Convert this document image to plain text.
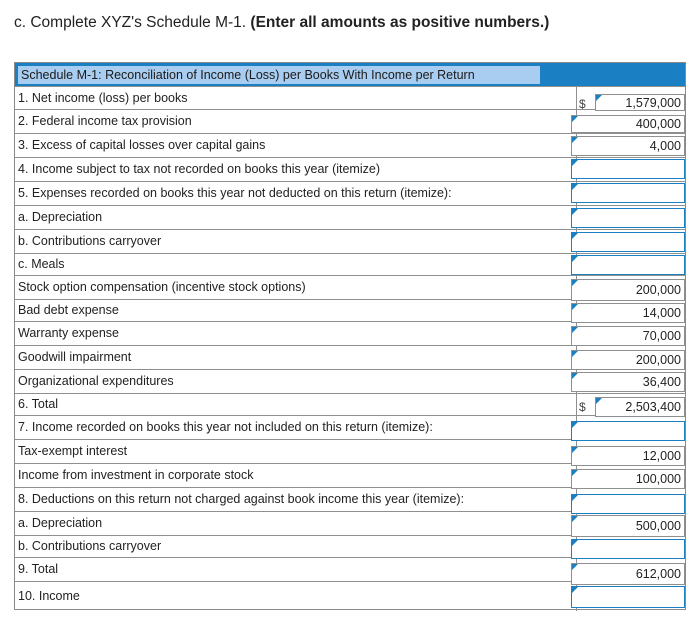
c. Complete XYZ's Schedule M-1. (Enter all amounts as positive numbers.)
Schedule M-1: Reconciliation of Income (Loss) per Books With Income per Return
1. Net income (loss) per books
2. Federal income tax provision
3. Excess of capital losses over capital gains
4. Income subject to tax not recorded on books this year (itemize)
5. Expenses recorded on books this year not deducted on this return (itemize):
a. Depreciation
b. Contributions carryover
c. Meals
Stock option compensation (incentive stock options)
Bad debt expense
Warranty expense
Goodwill impairment
Organizational expenditures
6. Total
7. Income recorded on books this year not included on this return (itemize):
Tax-exempt interest
Income from investment in corporate stock
8. Deductions on this return not charged against book income this year (itemize):
a. Depreciation
b. Contributions carryover
9. Total
10. Income
1,579,000
$
400,000
4,000
200,000
14,000
70,000
200,000
36,400
2,503,400
$
12,000
100,000
500,000
612,000
